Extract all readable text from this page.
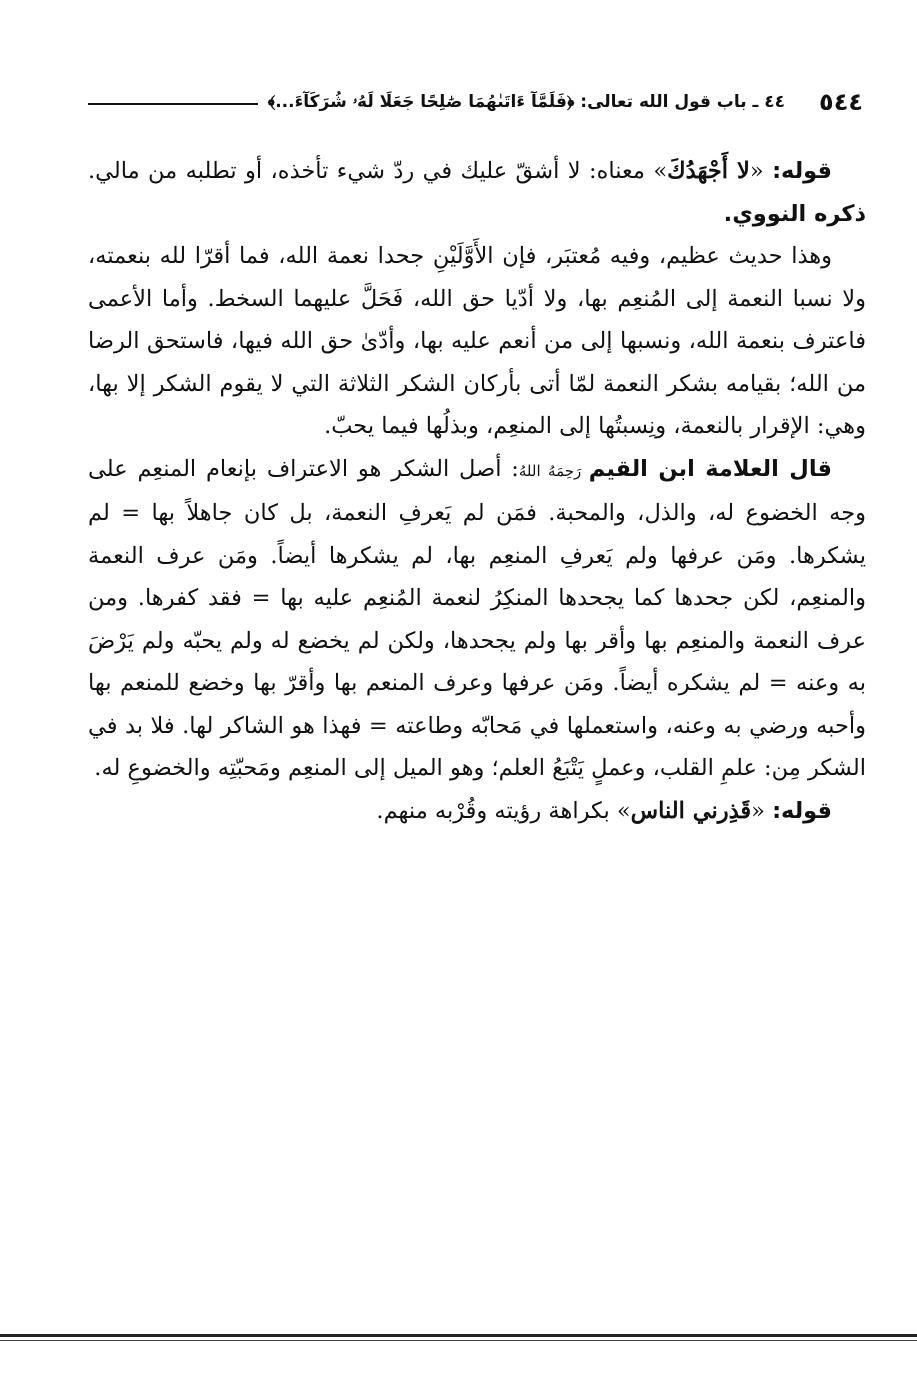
٥٤٤
٤٤ ـ باب قول الله تعالى: ﴿فَلَمَّآ ءَاتَىٰهُمَا صَٰلِحًا جَعَلَا لَهُۥ شُرَكَآءَ...﴾

قوله: «لا أَجْهَدُكَ» معناه: لا أشقّ عليك في ردّ شيء تأخذه، أو تطلبه من مالي. ذكره النووي.

وهذا حديث عظيم، وفيه مُعتبَر، فإن الأَوَّلَيْنِ جحدا نعمة الله، فما أقرّا لله بنعمته، ولا نسبا النعمة إلى المُنعِم بها، ولا أدّيا حق الله، فَحَلَّ عليهما السخط. وأما الأعمى فاعترف بنعمة الله، ونسبها إلى من أنعم عليه بها، وأدّىٰ حق الله فيها، فاستحق الرضا من الله؛ بقيامه بشكر النعمة لمّا أتى بأركان الشكر الثلاثة التي لا يقوم الشكر إلا بها، وهي: الإقرار بالنعمة، ونِسبتُها إلى المنعِم، وبذلُها فيما يحبّ.

قال العلامة ابن القيم رَحِمَهُ اللهُ: أصل الشكر هو الاعتراف بإنعام المنعِم على وجه الخضوع له، والذل، والمحبة. فمَن لم يَعرفِ النعمة، بل كان جاهلاً بها = لم يشكرها. ومَن عرفها ولم يَعرفِ المنعِم بها، لم يشكرها أيضاً. ومَن عرف النعمة والمنعِم، لكن جحدها كما يجحدها المنكِرُ لنعمة المُنعِم عليه بها = فقد كفرها. ومن عرف النعمة والمنعِم بها وأقر بها ولم يجحدها، ولكن لم يخضع له ولم يحبّه ولم يَرْضَ به وعنه = لم يشكره أيضاً. ومَن عرفها وعرف المنعم بها وأقرّ بها وخضع للمنعم بها وأحبه ورضي به وعنه، واستعملها في مَحابّه وطاعته = فهذا هو الشاكر لها. فلا بد في الشكر مِن: علمِ القلب، وعملٍ يَتْبَعُ العلم؛ وهو الميل إلى المنعِم ومَحبّتِه والخضوعِ له.

قوله: «قَذِرني الناس» بكراهة رؤيته وقُرْبه منهم.
